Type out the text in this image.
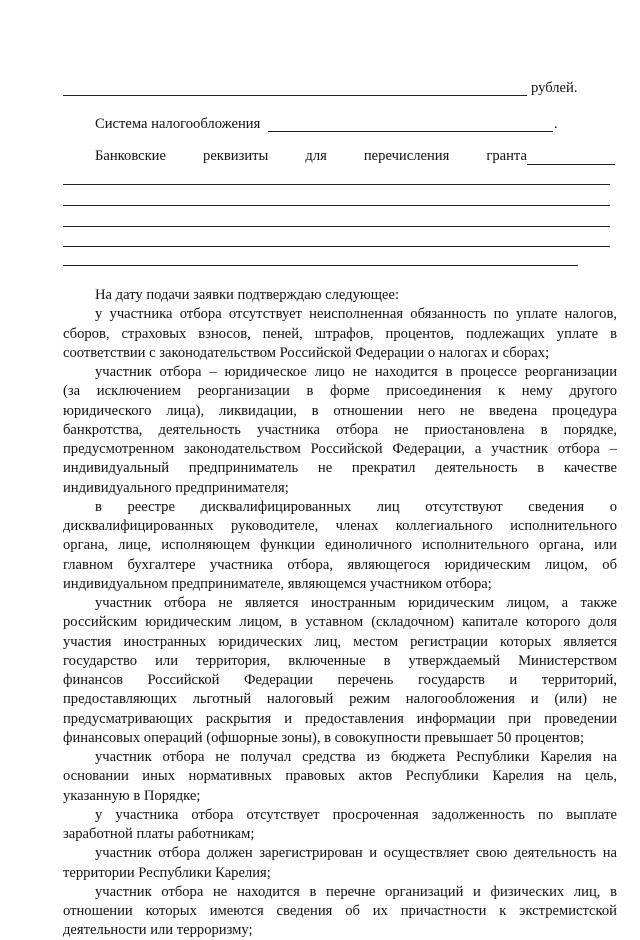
рублей.
Система налогообложения	.
Банковские	реквизиты	для	перечисления	гранта
На дату подачи заявки подтверждаю следующее:
у участника отбора отсутствует неисполненная обязанность по уплате налогов,
сборов, страховых взносов, пеней, штрафов, процентов, подлежащих уплате в
соответствии с законодательством Российской Федерации о налогах и сборах;
участник отбора – юридическое лицо не находится в процессе реорганизации
(за исключением реорганизации в форме присоединения к нему другого
юридического лица), ликвидации, в отношении него не введена процедура
банкротства, деятельность участника отбора не приостановлена в порядке,
предусмотренном законодательством Российской Федерации, а участник отбора –
индивидуальный предприниматель не прекратил деятельность в качестве
индивидуального предпринимателя;
в реестре дисквалифицированных лиц отсутствуют сведения о
дисквалифицированных руководителе, членах коллегиального исполнительного
органа, лице, исполняющем функции единоличного исполнительного органа, или
главном бухгалтере участника отбора, являющегося юридическим лицом, об
индивидуальном предпринимателе, являющемся участником отбора;
участник отбора не является иностранным юридическим лицом, а также
российским юридическим лицом, в уставном (складочном) капитале которого доля
участия иностранных юридических лиц, местом регистрации которых является
государство или территория, включенные в утверждаемый Министерством
финансов Российской Федерации перечень государств и территорий,
предоставляющих льготный налоговый режим налогообложения и (или) не
предусматривающих раскрытия и предоставления информации при проведении
финансовых операций (офшорные зоны), в совокупности превышает 50 процентов;
участник отбора не получал средства из бюджета Республики Карелия на
основании иных нормативных правовых актов Республики Карелия на цель,
указанную в Порядке;
у участника отбора отсутствует просроченная задолженность по выплате
заработной платы работникам;
участник отбора должен зарегистрирован и осуществляет свою деятельность на
территории Республики Карелия;
участник отбора не находится в перечне организаций и физических лиц, в
отношении которых имеются сведения об их причастности к экстремистской
деятельности или терроризму;
